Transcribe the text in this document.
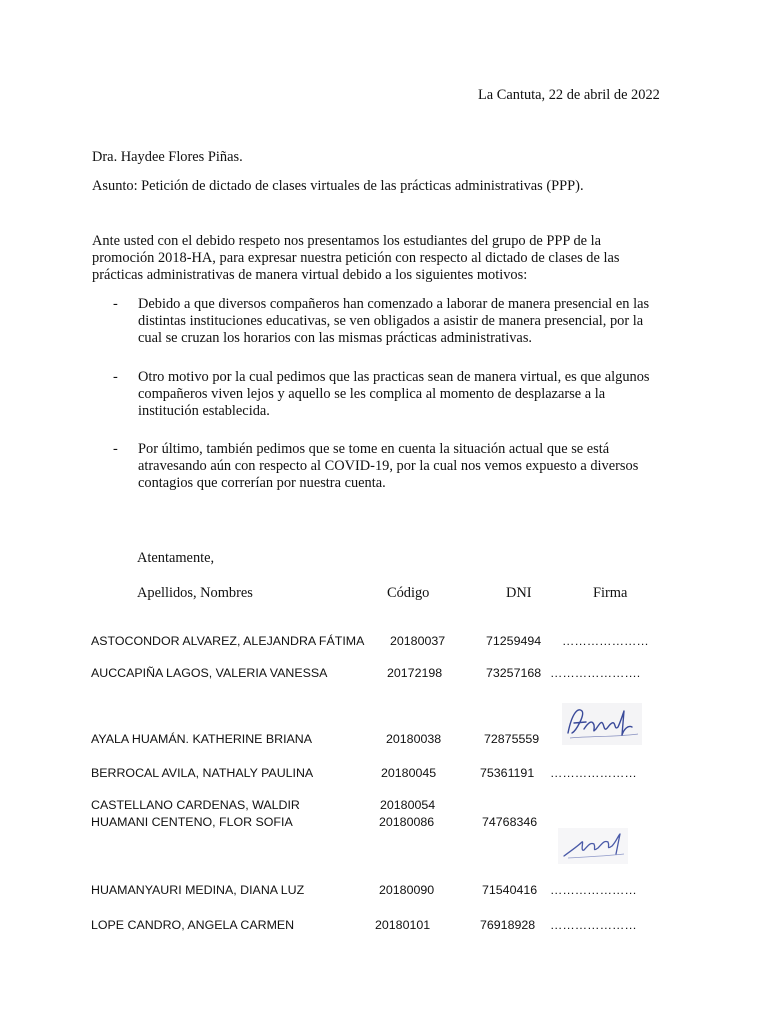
La Cantuta, 22 de abril de 2022
Dra. Haydee Flores Piñas.
Asunto: Petición de dictado de clases virtuales de las prácticas administrativas (PPP).
Ante usted con el debido respeto nos presentamos los estudiantes del grupo de PPP de la
promoción 2018-HA, para expresar nuestra petición con respecto al dictado de clases de las
prácticas administrativas de manera virtual debido a los siguientes motivos:
- Debido a que diversos compañeros han comenzado a laborar de manera presencial en las
distintas instituciones educativas, se ven obligados a asistir de manera presencial, por la
cual se cruzan los horarios con las mismas prácticas administrativas.
- Otro motivo por la cual pedimos que las practicas sean de manera virtual, es que algunos
compañeros viven lejos y aquello se les complica al momento de desplazarse a la
institución establecida.
- Por último, también pedimos que se tome en cuenta la situación actual que se está
atravesando aún con respecto al COVID-19, por la cual nos vemos expuesto a diversos
contagios que correrían por nuestra cuenta.
Atentamente,
Apellidos, Nombres	Código	DNI	Firma
ASTOCONDOR ALVAREZ, ALEJANDRA FÁTIMA 20180037	71259494 …………………
AUCCAPIÑA LAGOS, VALERIA VANESSA	20172198	73257168 ………………….
AYALA HUAMÁN. KATHERINE BRIANA	20180038	72875559
BERROCAL AVILA, NATHALY PAULINA	20180045	75361191 …………………
CASTELLANO CARDENAS, WALDIR	20180054
HUAMANI CENTENO, FLOR SOFIA	20180086	74768346
HUAMANYAURI MEDINA, DIANA LUZ	20180090	71540416 …………………
LOPE CANDRO, ANGELA CARMEN	20180101	76918928 …………………
